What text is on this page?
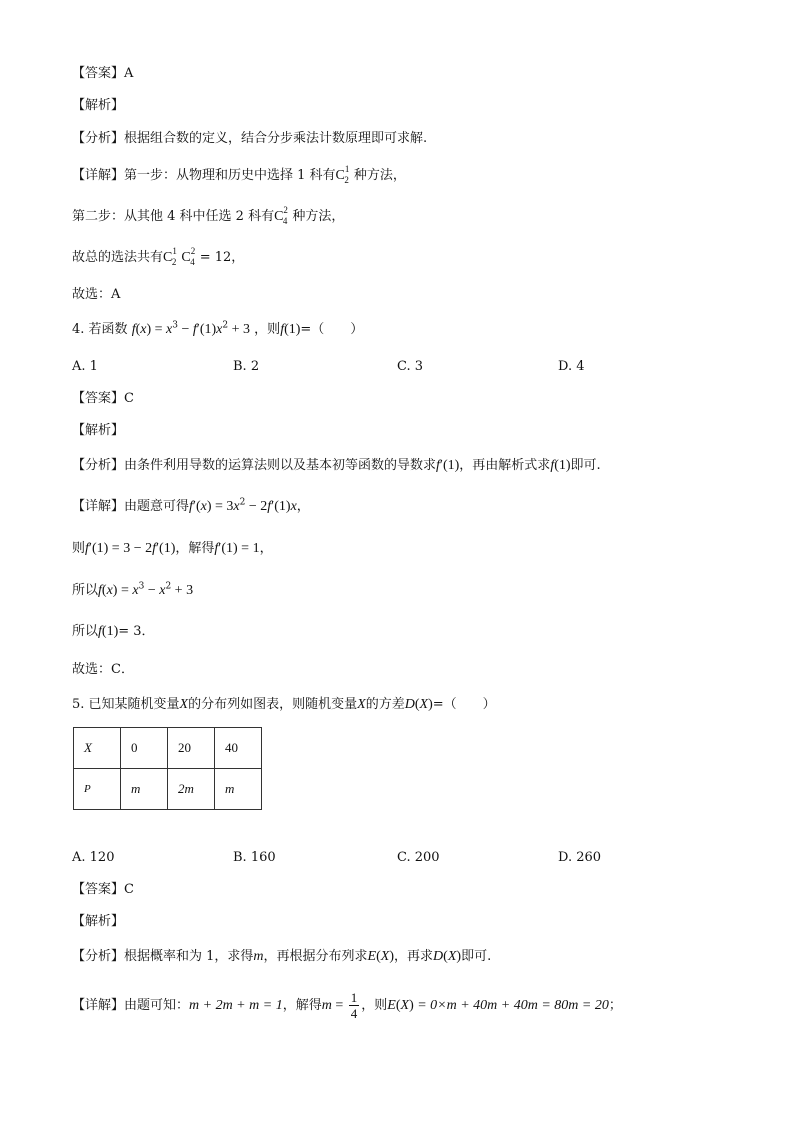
【答案】A
【解析】
【分析】根据组合数的定义，结合分步乘法计数原理即可求解.
【详解】第一步：从物理和历史中选择 1 科有$C^1_2$ 种方法，
第二步：从其他 4 科中任选 2 科有$C^2_4$ 种方法，
故总的选法共有$C^1_2$ $C^2_4 = 12$，
故选：A
4. 若函数 $f(x) = x^3 - f'(1)x^2 + 3$ ，则f(1)=（　　）
A. 1	B. 2	C. 3	D. 4
【答案】C
【解析】
【分析】由条件利用导数的运算法则以及基本初等函数的导数求f′(1)，再由解析式求f(1)即可.
【详解】由题意可得$f'(x) = 3x^2 - 2f'(1)x$，
则f′(1) = 3 − 2f′(1)，解得f′(1) = 1，
所以$f(x) = x^3 - x^2 + 3$
所以f(1)= 3．
故选：C．
5. 已知某随机变量X的分布列如图表，则随机变量X的方差D(X)=（　　）
X	0	20	40
P	m	2m	m
A. 120	B. 160	C. 200	D. 260
【答案】C
【解析】
【分析】根据概率和为 1，求得m，再根据分布列求E(X)，再求D(X)即可.
【详解】由题可知：m + 2m + m = 1，解得$m = \frac{1}{4}$ ，则E(X) = 0×m + 40m + 40m = 80m = 20；
